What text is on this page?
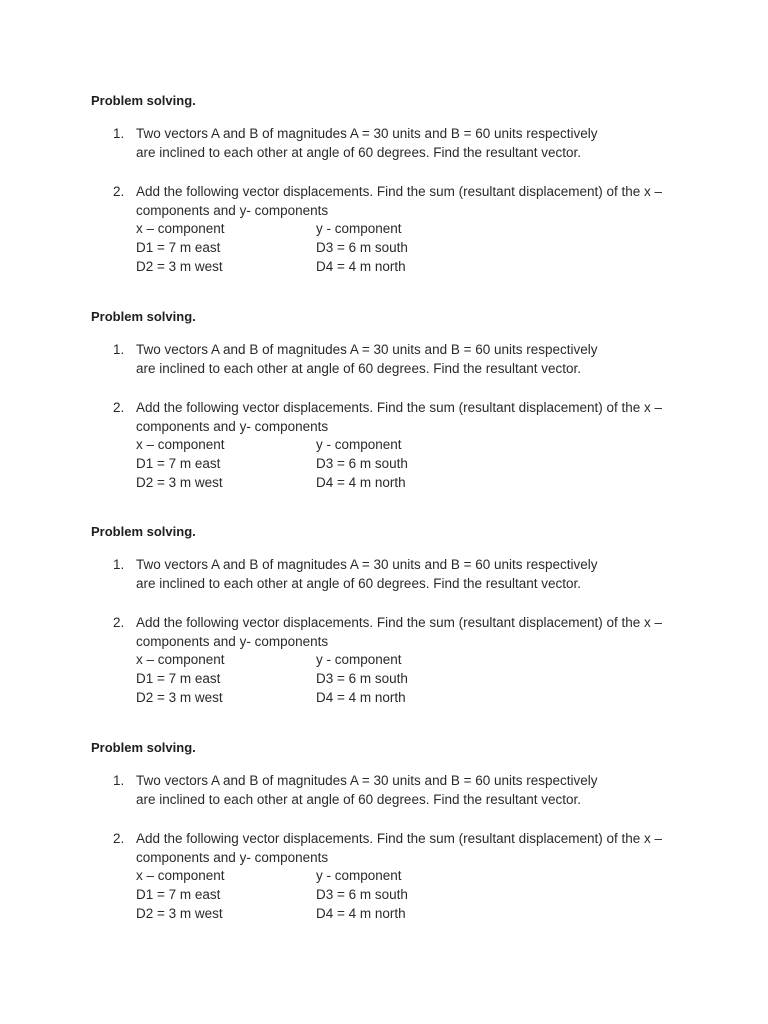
Problem solving.
1. Two vectors A and B of magnitudes A = 30 units and B = 60 units respectively
are inclined to each other at angle of 60 degrees. Find the resultant vector.
2. Add the following vector displacements. Find the sum (resultant displacement) of the x –
components and y- components
x – component	y - component
D1 = 7 m east	D3 = 6 m south
D2 = 3 m west	D4 = 4 m north
Problem solving.
1. Two vectors A and B of magnitudes A = 30 units and B = 60 units respectively
are inclined to each other at angle of 60 degrees. Find the resultant vector.
2. Add the following vector displacements. Find the sum (resultant displacement) of the x –
components and y- components
x – component	y - component
D1 = 7 m east	D3 = 6 m south
D2 = 3 m west	D4 = 4 m north
Problem solving.
1. Two vectors A and B of magnitudes A = 30 units and B = 60 units respectively
are inclined to each other at angle of 60 degrees. Find the resultant vector.
2. Add the following vector displacements. Find the sum (resultant displacement) of the x –
components and y- components
x – component	y - component
D1 = 7 m east	D3 = 6 m south
D2 = 3 m west	D4 = 4 m north
Problem solving.
1. Two vectors A and B of magnitudes A = 30 units and B = 60 units respectively
are inclined to each other at angle of 60 degrees. Find the resultant vector.
2. Add the following vector displacements. Find the sum (resultant displacement) of the x –
components and y- components
x – component	y - component
D1 = 7 m east	D3 = 6 m south
D2 = 3 m west	D4 = 4 m north
